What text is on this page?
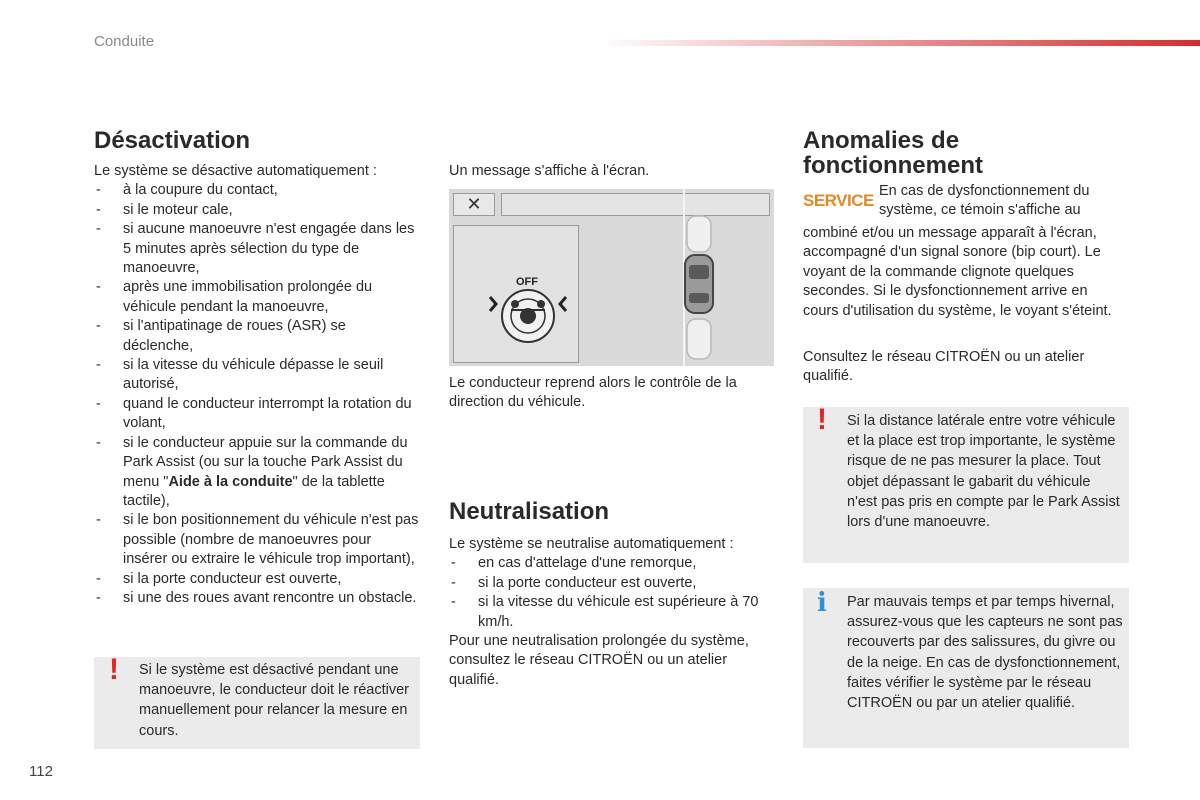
Conduite
Désactivation
Le système se désactive automatiquement :
- à la coupure du contact,
- si le moteur cale,
- si aucune manoeuvre n'est engagée dans les 5 minutes après sélection du type de manoeuvre,
- après une immobilisation prolongée du véhicule pendant la manoeuvre,
- si l'antipatinage de roues (ASR) se déclenche,
- si la vitesse du véhicule dépasse le seuil autorisé,
- quand le conducteur interrompt la rotation du volant,
- si le conducteur appuie sur la commande du Park Assist (ou sur la touche Park Assist du menu "Aide à la conduite" de la tablette tactile),
- si le bon positionnement du véhicule n'est pas possible (nombre de manoeuvres pour insérer ou extraire le véhicule trop important),
- si la porte conducteur est ouverte,
- si une des roues avant rencontre un obstacle.
! Si le système est désactivé pendant une manoeuvre, le conducteur doit le réactiver manuellement pour relancer la mesure en cours.
Un message s'affiche à l'écran.
✕
OFF
Le conducteur reprend alors le contrôle de la direction du véhicule.
Neutralisation
Le système se neutralise automatiquement :
- en cas d'attelage d'une remorque,
- si la porte conducteur est ouverte,
- si la vitesse du véhicule est supérieure à 70 km/h.
Pour une neutralisation prolongée du système, consultez le réseau CITROËN ou un atelier qualifié.
Anomalies de
fonctionnement
SERVICE En cas de dysfonctionnement du système, ce témoin s'affiche au
combiné et/ou un message apparaît à l'écran, accompagné d'un signal sonore (bip court). Le voyant de la commande clignote quelques secondes. Si le dysfonctionnement arrive en cours d'utilisation du système, le voyant s'éteint.
Consultez le réseau CITROËN ou un atelier qualifié.
! Si la distance latérale entre votre véhicule et la place est trop importante, le système risque de ne pas mesurer la place. Tout objet dépassant le gabarit du véhicule n'est pas pris en compte par le Park Assist lors d'une manoeuvre.
i Par mauvais temps et par temps hivernal, assurez-vous que les capteurs ne sont pas recouverts par des salissures, du givre ou de la neige. En cas de dysfonctionnement, faites vérifier le système par le réseau CITROËN ou par un atelier qualifié.
112
